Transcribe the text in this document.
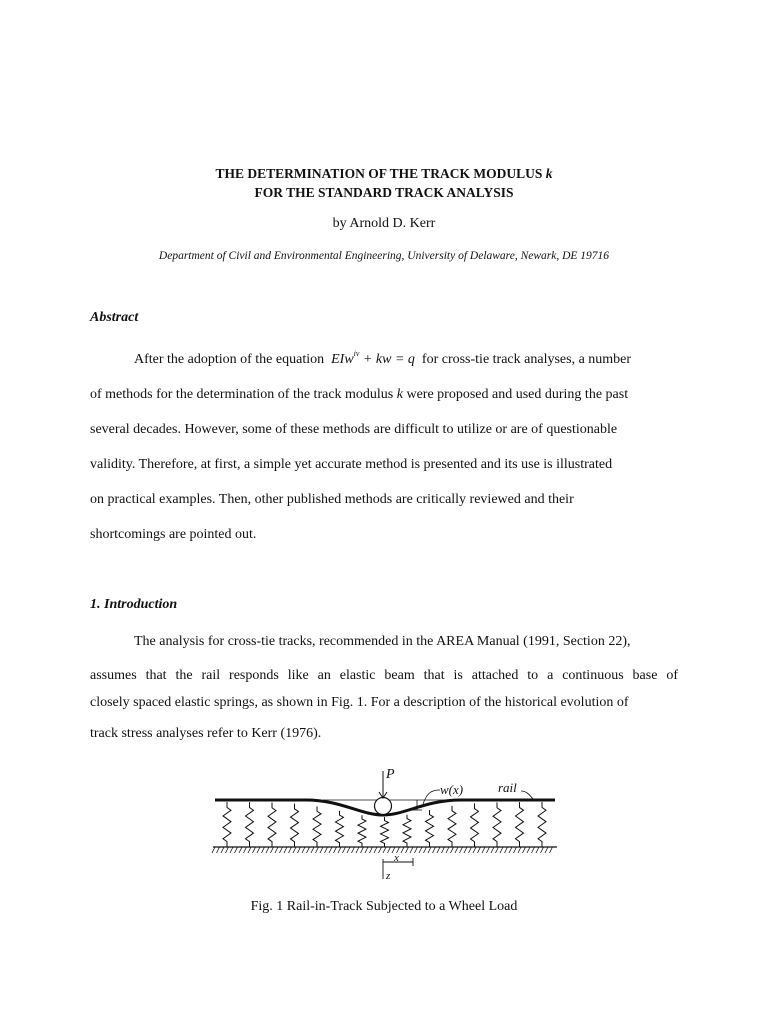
THE DETERMINATION OF THE TRACK MODULUS k
FOR THE STANDARD TRACK ANALYSIS
by Arnold D. Kerr
Department of Civil and Environmental Engineering, University of Delaware, Newark, DE 19716
Abstract
After the adoption of the equation EIw$^{iv}$ + kw = q for cross-tie track analyses, a number
of methods for the determination of the track modulus k were proposed and used during the past
several decades. However, some of these methods are difficult to utilize or are of questionable
validity. Therefore, at first, a simple yet accurate method is presented and its use is illustrated
on practical examples. Then, other published methods are critically reviewed and their
shortcomings are pointed out.
1. Introduction
The analysis for cross-tie tracks, recommended in the AREA Manual (1991, Section 22),
assumes that the rail responds like an elastic beam that is attached to a continuous base of
closely spaced elastic springs, as shown in Fig. 1. For a description of the historical evolution of
track stress analyses refer to Kerr (1976).
P
w(x)	rail
x
z
Fig. 1 Rail-in-Track Subjected to a Wheel Load
